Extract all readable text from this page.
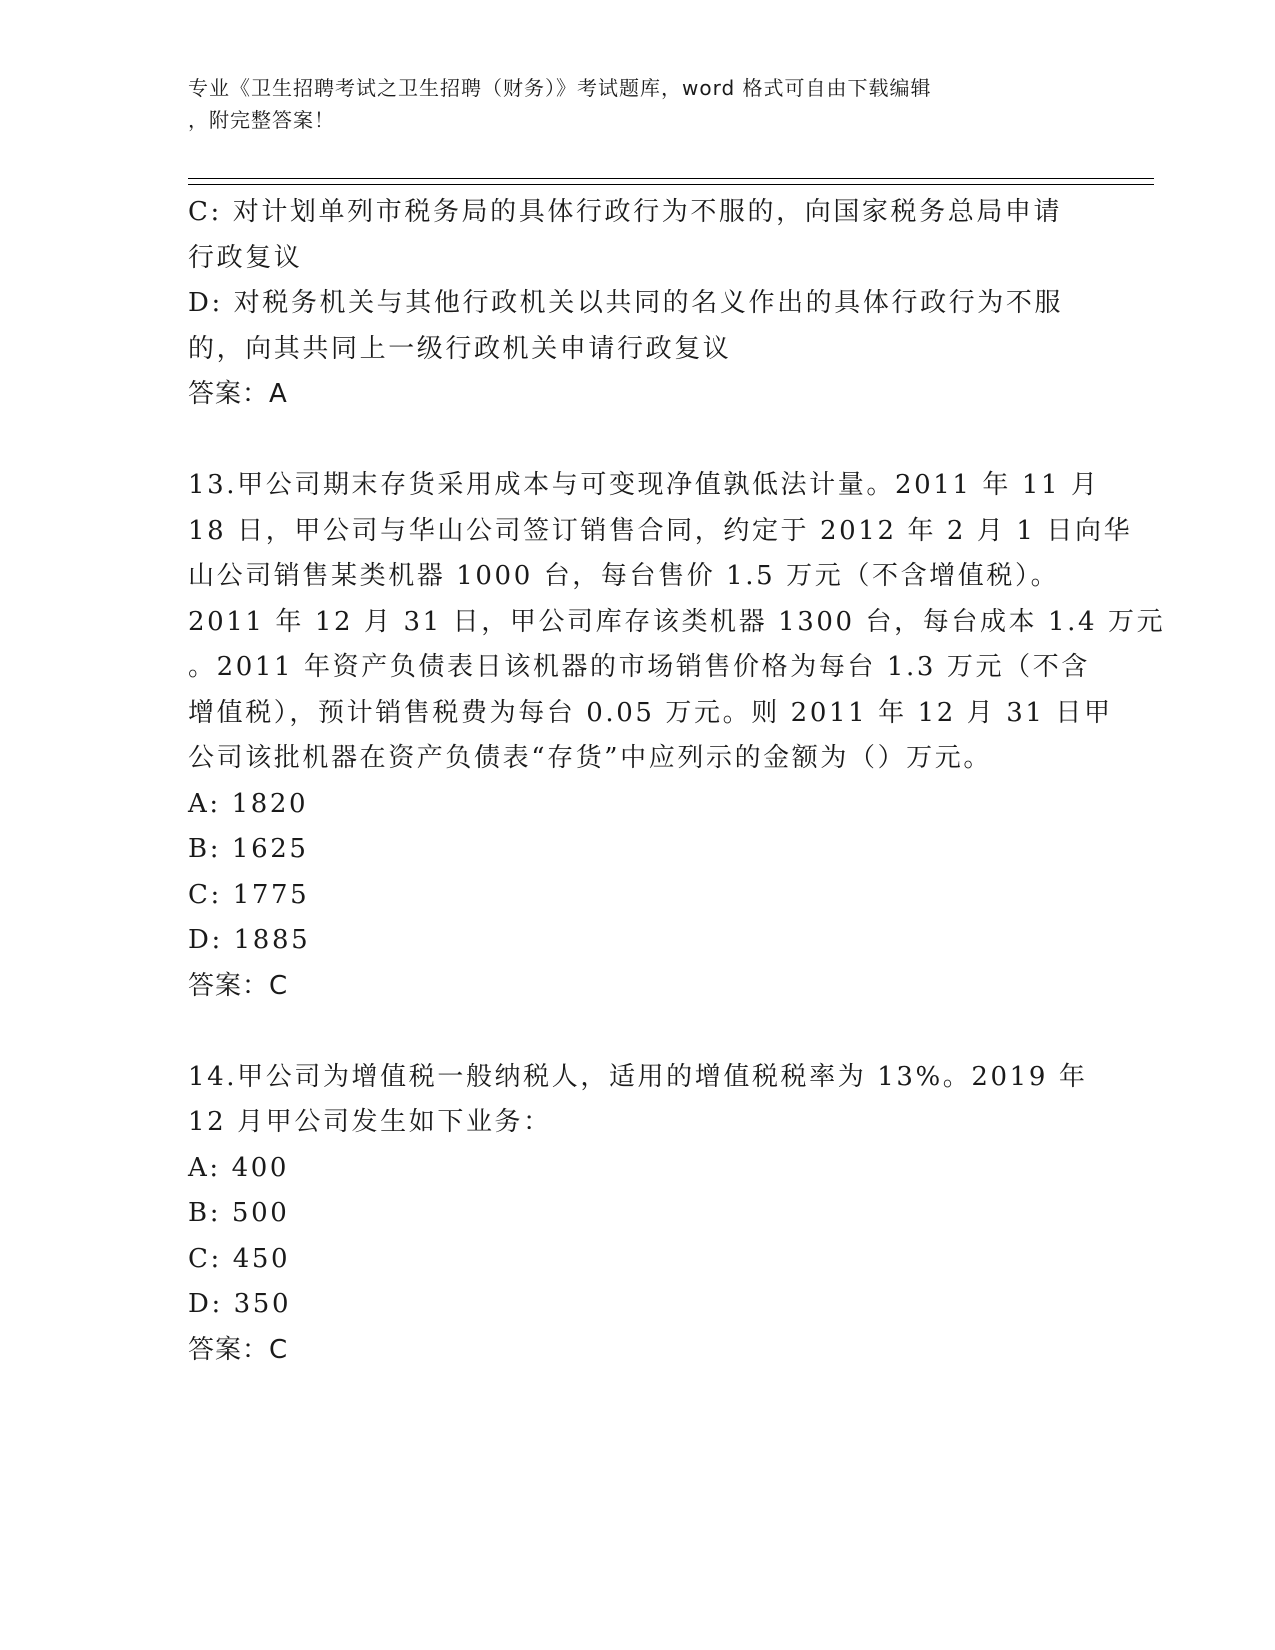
专业《卫生招聘考试之卫生招聘（财务）》考试题库，word 格式可自由下载编辑
，附完整答案！
C: 对计划单列市税务局的具体行政行为不服的，向国家税务总局申请
行政复议
D: 对税务机关与其他行政机关以共同的名义作出的具体行政行为不服
的，向其共同上一级行政机关申请行政复议
答案：A
13.甲公司期末存货采用成本与可变现净值孰低法计量。2011 年 11 月
18 日，甲公司与华山公司签订销售合同，约定于 2012 年 2 月 1 日向华
山公司销售某类机器 1000 台，每台售价 1.5 万元（不含增值税）。
2011 年 12 月 31 日，甲公司库存该类机器 1300 台，每台成本 1.4 万元
。2011 年资产负债表日该机器的市场销售价格为每台 1.3 万元（不含
增值税），预计销售税费为每台 0.05 万元。则 2011 年 12 月 31 日甲
公司该批机器在资产负债表“存货”中应列示的金额为（）万元。
A: 1820
B: 1625
C: 1775
D: 1885
答案：C
14.甲公司为增值税一般纳税人，适用的增值税税率为 13%。2019 年
12 月甲公司发生如下业务：
A: 400
B: 500
C: 450
D: 350
答案：C
